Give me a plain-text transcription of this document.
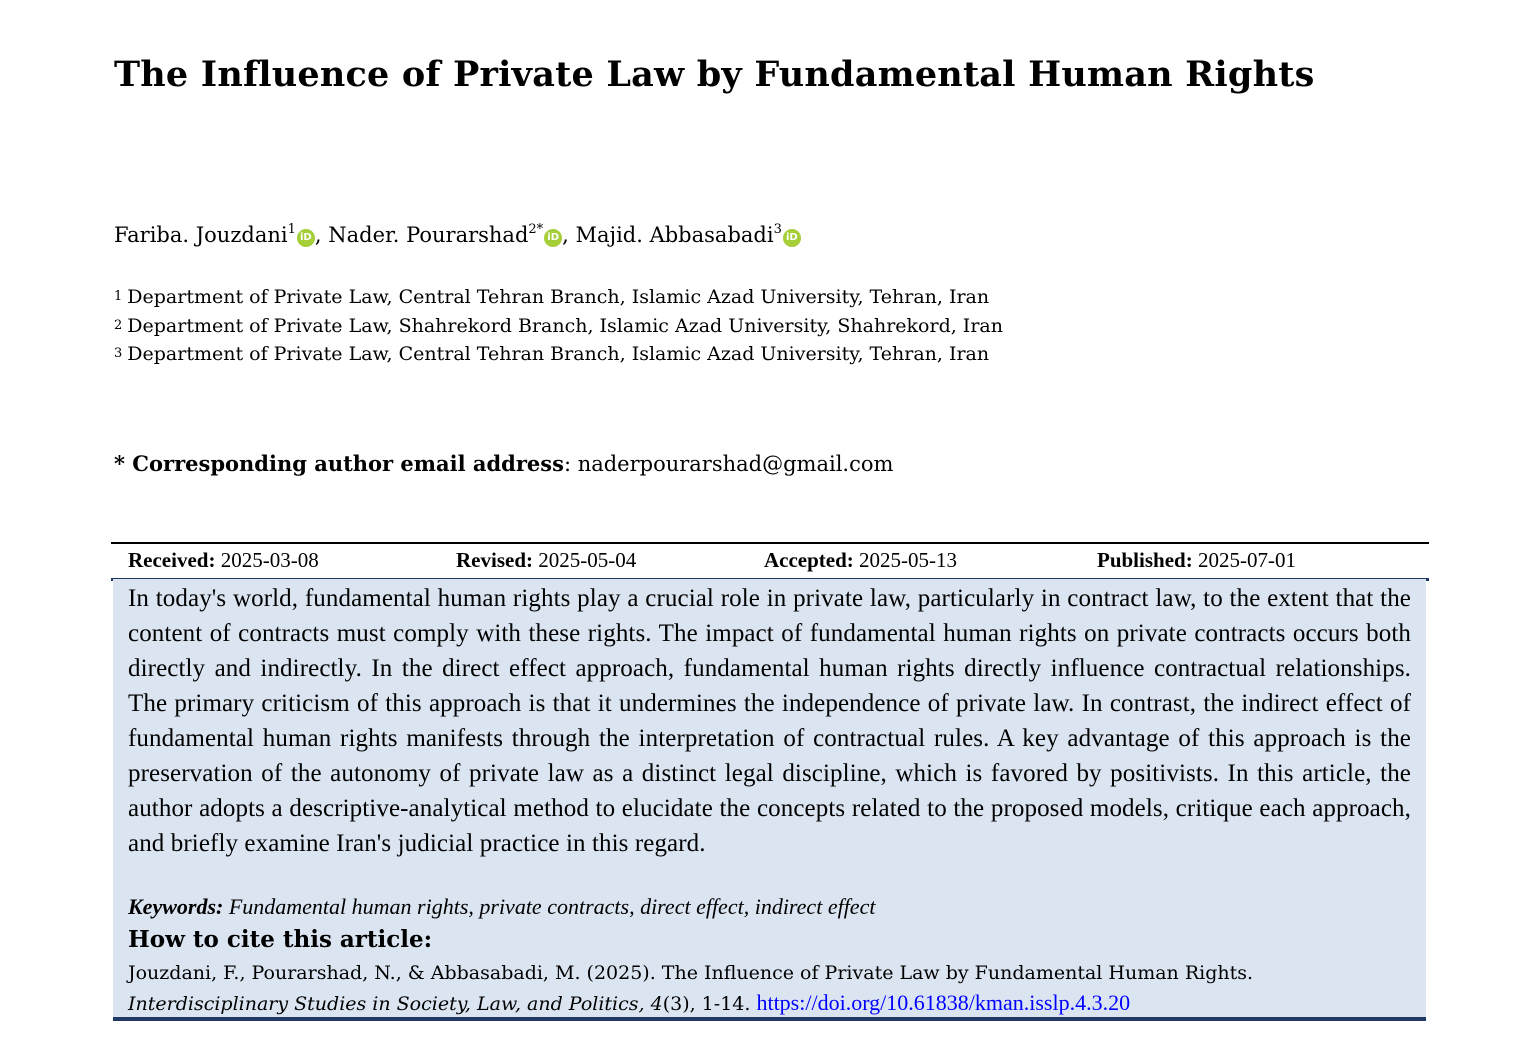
The Influence of Private Law by Fundamental Human Rights
Fariba. Jouzdani$^1$iD , Nader. Pourarshad$^{2*}$iD , Majid. Abbasabadi$^3$iD
1 Department of Private Law, Central Tehran Branch, Islamic Azad University, Tehran, Iran
2 Department of Private Law, Shahrekord Branch, Islamic Azad University, Shahrekord, Iran
3 Department of Private Law, Central Tehran Branch, Islamic Azad University, Tehran, Iran
* Corresponding author email address: naderpourarshad@gmail.com
Received: 2025-03-08	Revised: 2025-05-04	Accepted: 2025-05-13	Published: 2025-07-01

In today's world, fundamental human rights play a crucial role in private law, particularly in contract law, to the extent that the content of contracts must comply with these rights. The impact of fundamental human rights on private contracts occurs both directly and indirectly. In the direct effect approach, fundamental human rights directly influence contractual relationships. The primary criticism of this approach is that it undermines the independence of private law. In contrast, the indirect effect of fundamental human rights manifests through the interpretation of contractual rules. A key advantage of this approach is the preservation of the autonomy of private law as a distinct legal discipline, which is favored by positivists. In this article, the author adopts a descriptive-analytical method to elucidate the concepts related to the proposed models, critique each approach, and briefly examine Iran's judicial practice in this regard.

Keywords: Fundamental human rights, private contracts, direct effect, indirect effect
How to cite this article:
Jouzdani, F., Pourarshad, N., & Abbasabadi, M. (2025). The Influence of Private Law by Fundamental Human Rights.
Interdisciplinary Studies in Society, Law, and Politics, 4(3), 1-14. https://doi.org/10.61838/kman.isslp.4.3.20
